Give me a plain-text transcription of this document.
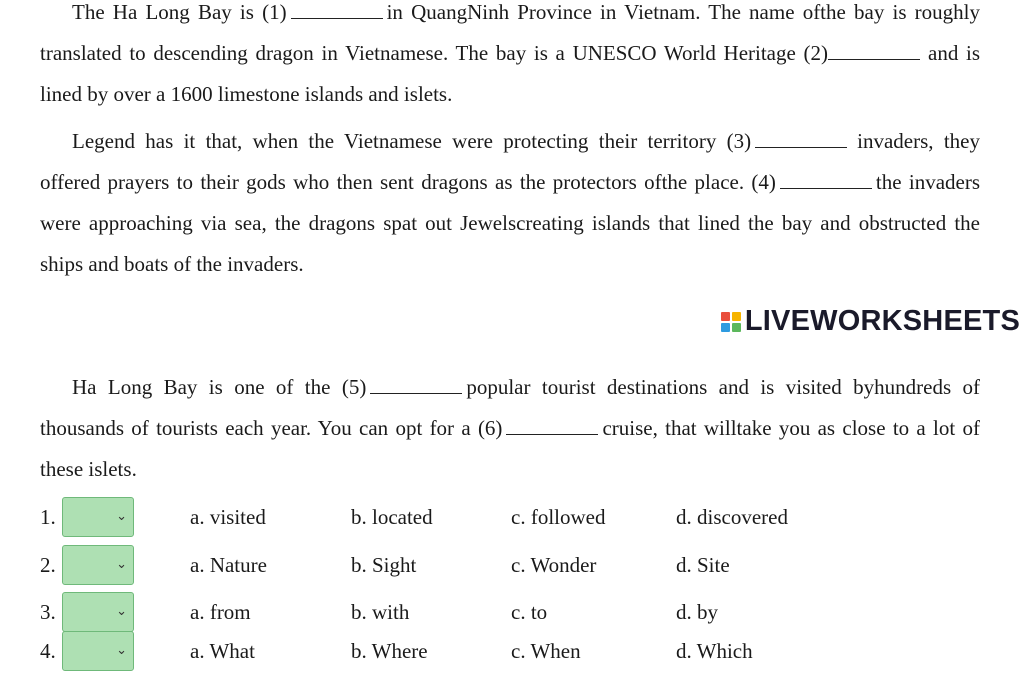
The Ha Long Bay is (1)	in QuangNinh Province in Vietnam. The name ofthe bay is roughly translated to descending dragon in Vietnamese. The bay is a UNESCO World Heritage (2)	and is lined by over a 1600 limestone islands and islets.

Legend has it that, when the Vietnamese were protecting their territory (3)	invaders, they offered prayers to their gods who then sent dragons as the protectors ofthe place. (4)	the invaders were approaching via sea, the dragons spat out Jewelscreating islands that lined the bay and obstructed the ships and boats of the invaders.

LIVEWORKSHEETS

Ha Long Bay is one of the (5)	popular tourist destinations and is visited byhundreds of thousands of tourists each year. You can opt for a (6)	cruise, that willtake you as close to a lot of these islets.

1.	⌄	a. visited	b. located	c. followed	d. discovered
2.	⌄	a. Nature	b. Sight	c. Wonder	d. Site
3.	⌄	a. from	b. with	c. to	d. by
4.	⌄	a. What	b. Where	c. When	d. Which
